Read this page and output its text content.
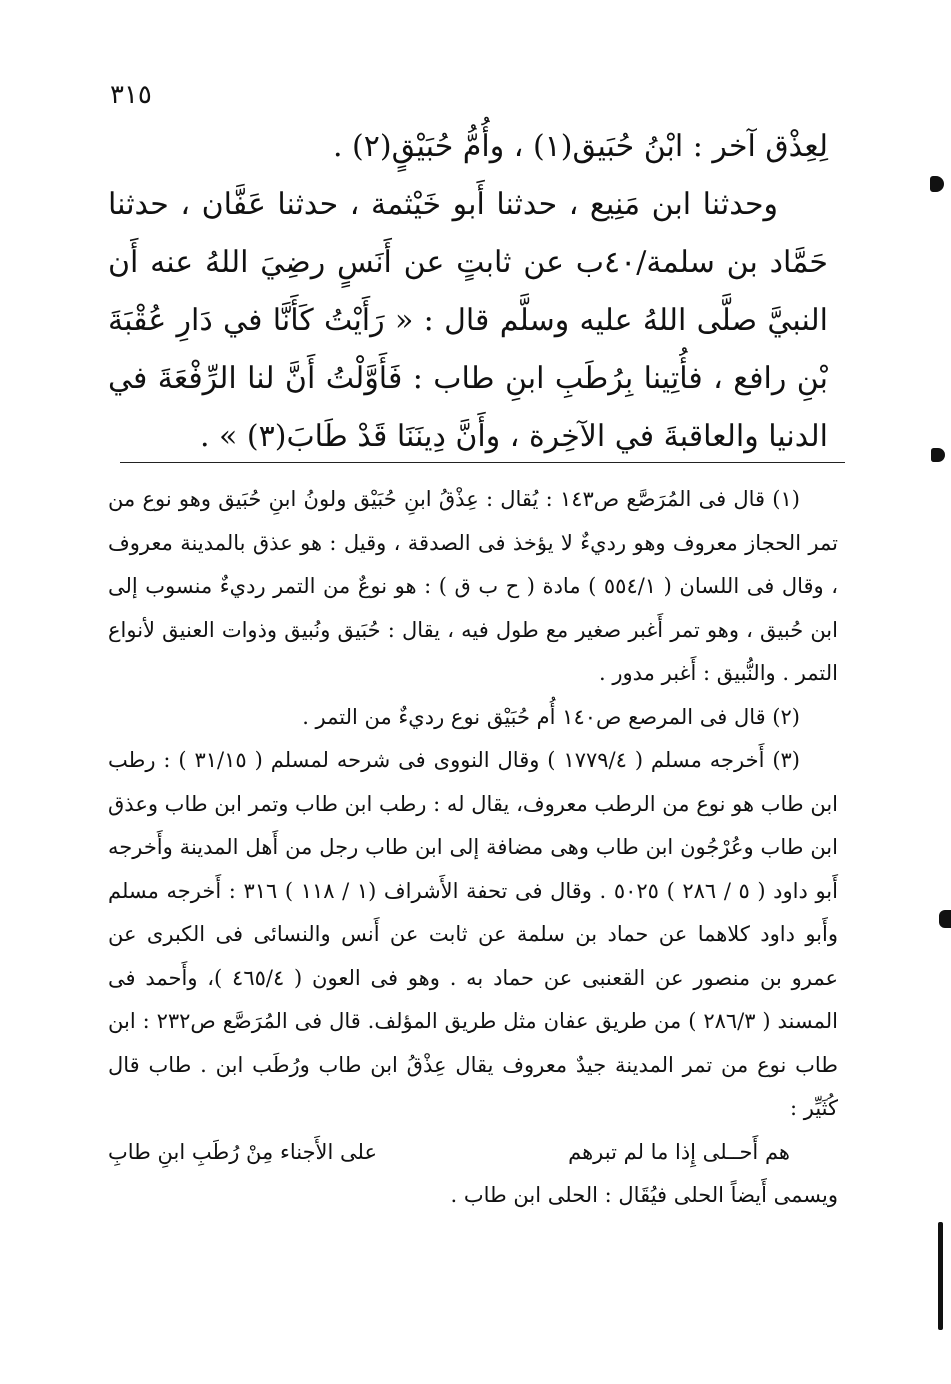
٣١٥

لِعِذْق آخر : ابْنُ حُبَيق(١) ، وأُمُّ حُبَيْقٍ(٢) .

وحدثنا ابن مَنِيع ، حدثنا أَبو خَيْثمة ، حدثنا عَفَّان ، حدثنا حَمَّاد بن سلمة/٤٠ب عن ثابتٍ عن أَنَسٍ رضِيَ اللهُ عنه أَن النبيَّ صلَّى اللهُ عليه وسلَّم قال : « رَأَيْتُ كَأَنَّا في دَارِ عُقْبَةَ بْنِ رافع ، فأُتِينا بِرُطَبِ ابنِ طاب : فَأَوَّلْتُ أَنَّ لنا الرِّفْعَةَ في الدنيا والعاقبةَ في الآخِرة ، وأَنَّ دِينَنَا قَدْ طَابَ(٣) » .

(١) قال فى المُرَصَّع ص١٤٣ : يُقال : عِذْقُ ابنِ حُبَيْق ولونُ ابنِ حُبَيق وهو نوع من تمر الحجاز معروف وهو رديءٌ لا يؤخذ فى الصدقة ، وقيل : هو عذق بالمدينة معروف ، وقال فى اللسان ( ٥٥٤/١ ) مادة ( ح ب ق ) : هو نوعٌ من التمر رديءٌ منسوب إلى ابن حُبيق ، وهو تمر أَغبر صغير مع طول فيه ، يقال : حُبَيق ونُبيق وذوات العنيق لأنواع التمر . والنُّبيق : أَغبر مدور .

(٢) قال فى المرصع ص١٤٠ أُم حُبَيْق نوع رديءٌ من التمر .

(٣) أَخرجه مسلم ( ١٧٧٩/٤ ) وقال النووى فى شرحه لمسلم ( ٣١/١٥ ) : رطب ابن طاب هو نوع من الرطب معروف، يقال له : رطب ابن طاب وتمر ابن طاب وعذق ابن طاب وعُرْجُون ابن طاب وهى مضافة إلى ابن طاب رجل من أَهل المدينة وأَخرجه أَبو داود ( ٥ / ٢٨٦ ) ٥٠٢٥ . وقال فى تحفة الأَشراف (١ / ١١٨ ) ٣١٦ : أَخرجه مسلم وأَبو داود كلاهما عن حماد بن سلمة عن ثابت عن أَنس والنسائى فى الكبرى عن عمرو بن منصور عن القعنبى عن حماد به . وهو فى العون ( ٤٦٥/٤ )، وأَحمد فى المسند ( ٢٨٦/٣ ) من طريق عفان مثل طريق المؤلف. قال فى المُرَصَّع ص٢٣٢ : ابن طاب نوع من تمر المدينة جيدٌ معروف يقال عِذْقُ ابن طاب ورُطَب ابن . طاب قال كُثَيِّر :

هم أَحــلى إِذا ما لم تبرهم
على الأَجناء مِنْ رُطَبِ ابنِ طابِ

ويسمى أَيضاً الحلى فيُقَال : الحلى ابن طاب .
